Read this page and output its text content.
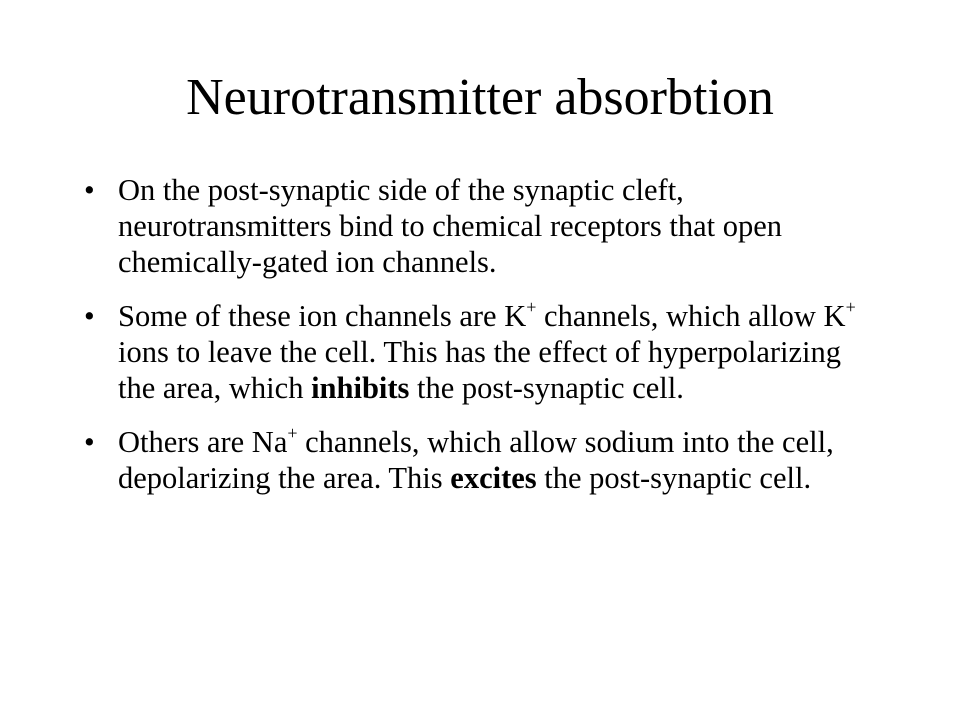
Neurotransmitter absorbtion
• On the post-synaptic side of the synaptic cleft, neurotransmitters bind to chemical receptors that open chemically-gated ion channels.
• Some of these ion channels are K+ channels, which allow K+ ions to leave the cell. This has the effect of hyperpolarizing the area, which inhibits the post-synaptic cell.
• Others are Na+ channels, which allow sodium into the cell, depolarizing the area. This excites the post-synaptic cell.
